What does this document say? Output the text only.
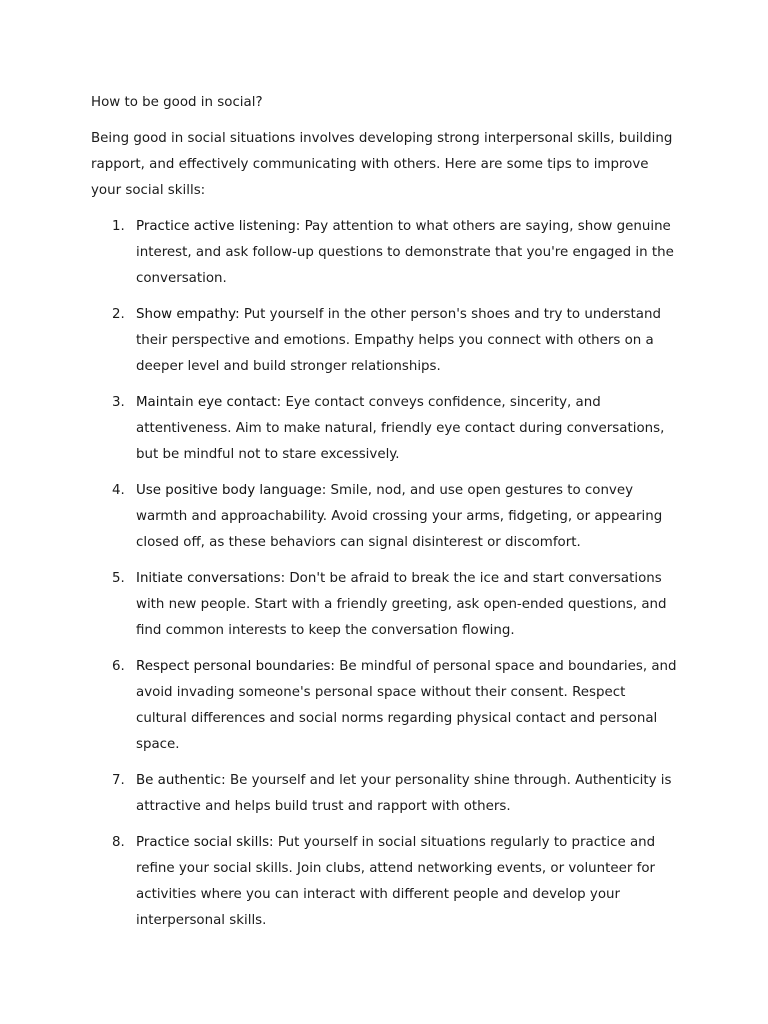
How to be good in social?

Being good in social situations involves developing strong interpersonal skills, building rapport, and effectively communicating with others. Here are some tips to improve your social skills:

1. Practice active listening: Pay attention to what others are saying, show genuine interest, and ask follow-up questions to demonstrate that you're engaged in the conversation.
2. Show empathy: Put yourself in the other person's shoes and try to understand their perspective and emotions. Empathy helps you connect with others on a deeper level and build stronger relationships.
3. Maintain eye contact: Eye contact conveys confidence, sincerity, and attentiveness. Aim to make natural, friendly eye contact during conversations, but be mindful not to stare excessively.
4. Use positive body language: Smile, nod, and use open gestures to convey warmth and approachability. Avoid crossing your arms, fidgeting, or appearing closed off, as these behaviors can signal disinterest or discomfort.
5. Initiate conversations: Don't be afraid to break the ice and start conversations with new people. Start with a friendly greeting, ask open-ended questions, and find common interests to keep the conversation flowing.
6. Respect personal boundaries: Be mindful of personal space and boundaries, and avoid invading someone's personal space without their consent. Respect cultural differences and social norms regarding physical contact and personal space.
7. Be authentic: Be yourself and let your personality shine through. Authenticity is attractive and helps build trust and rapport with others.
8. Practice social skills: Put yourself in social situations regularly to practice and refine your social skills. Join clubs, attend networking events, or volunteer for activities where you can interact with different people and develop your interpersonal skills.
